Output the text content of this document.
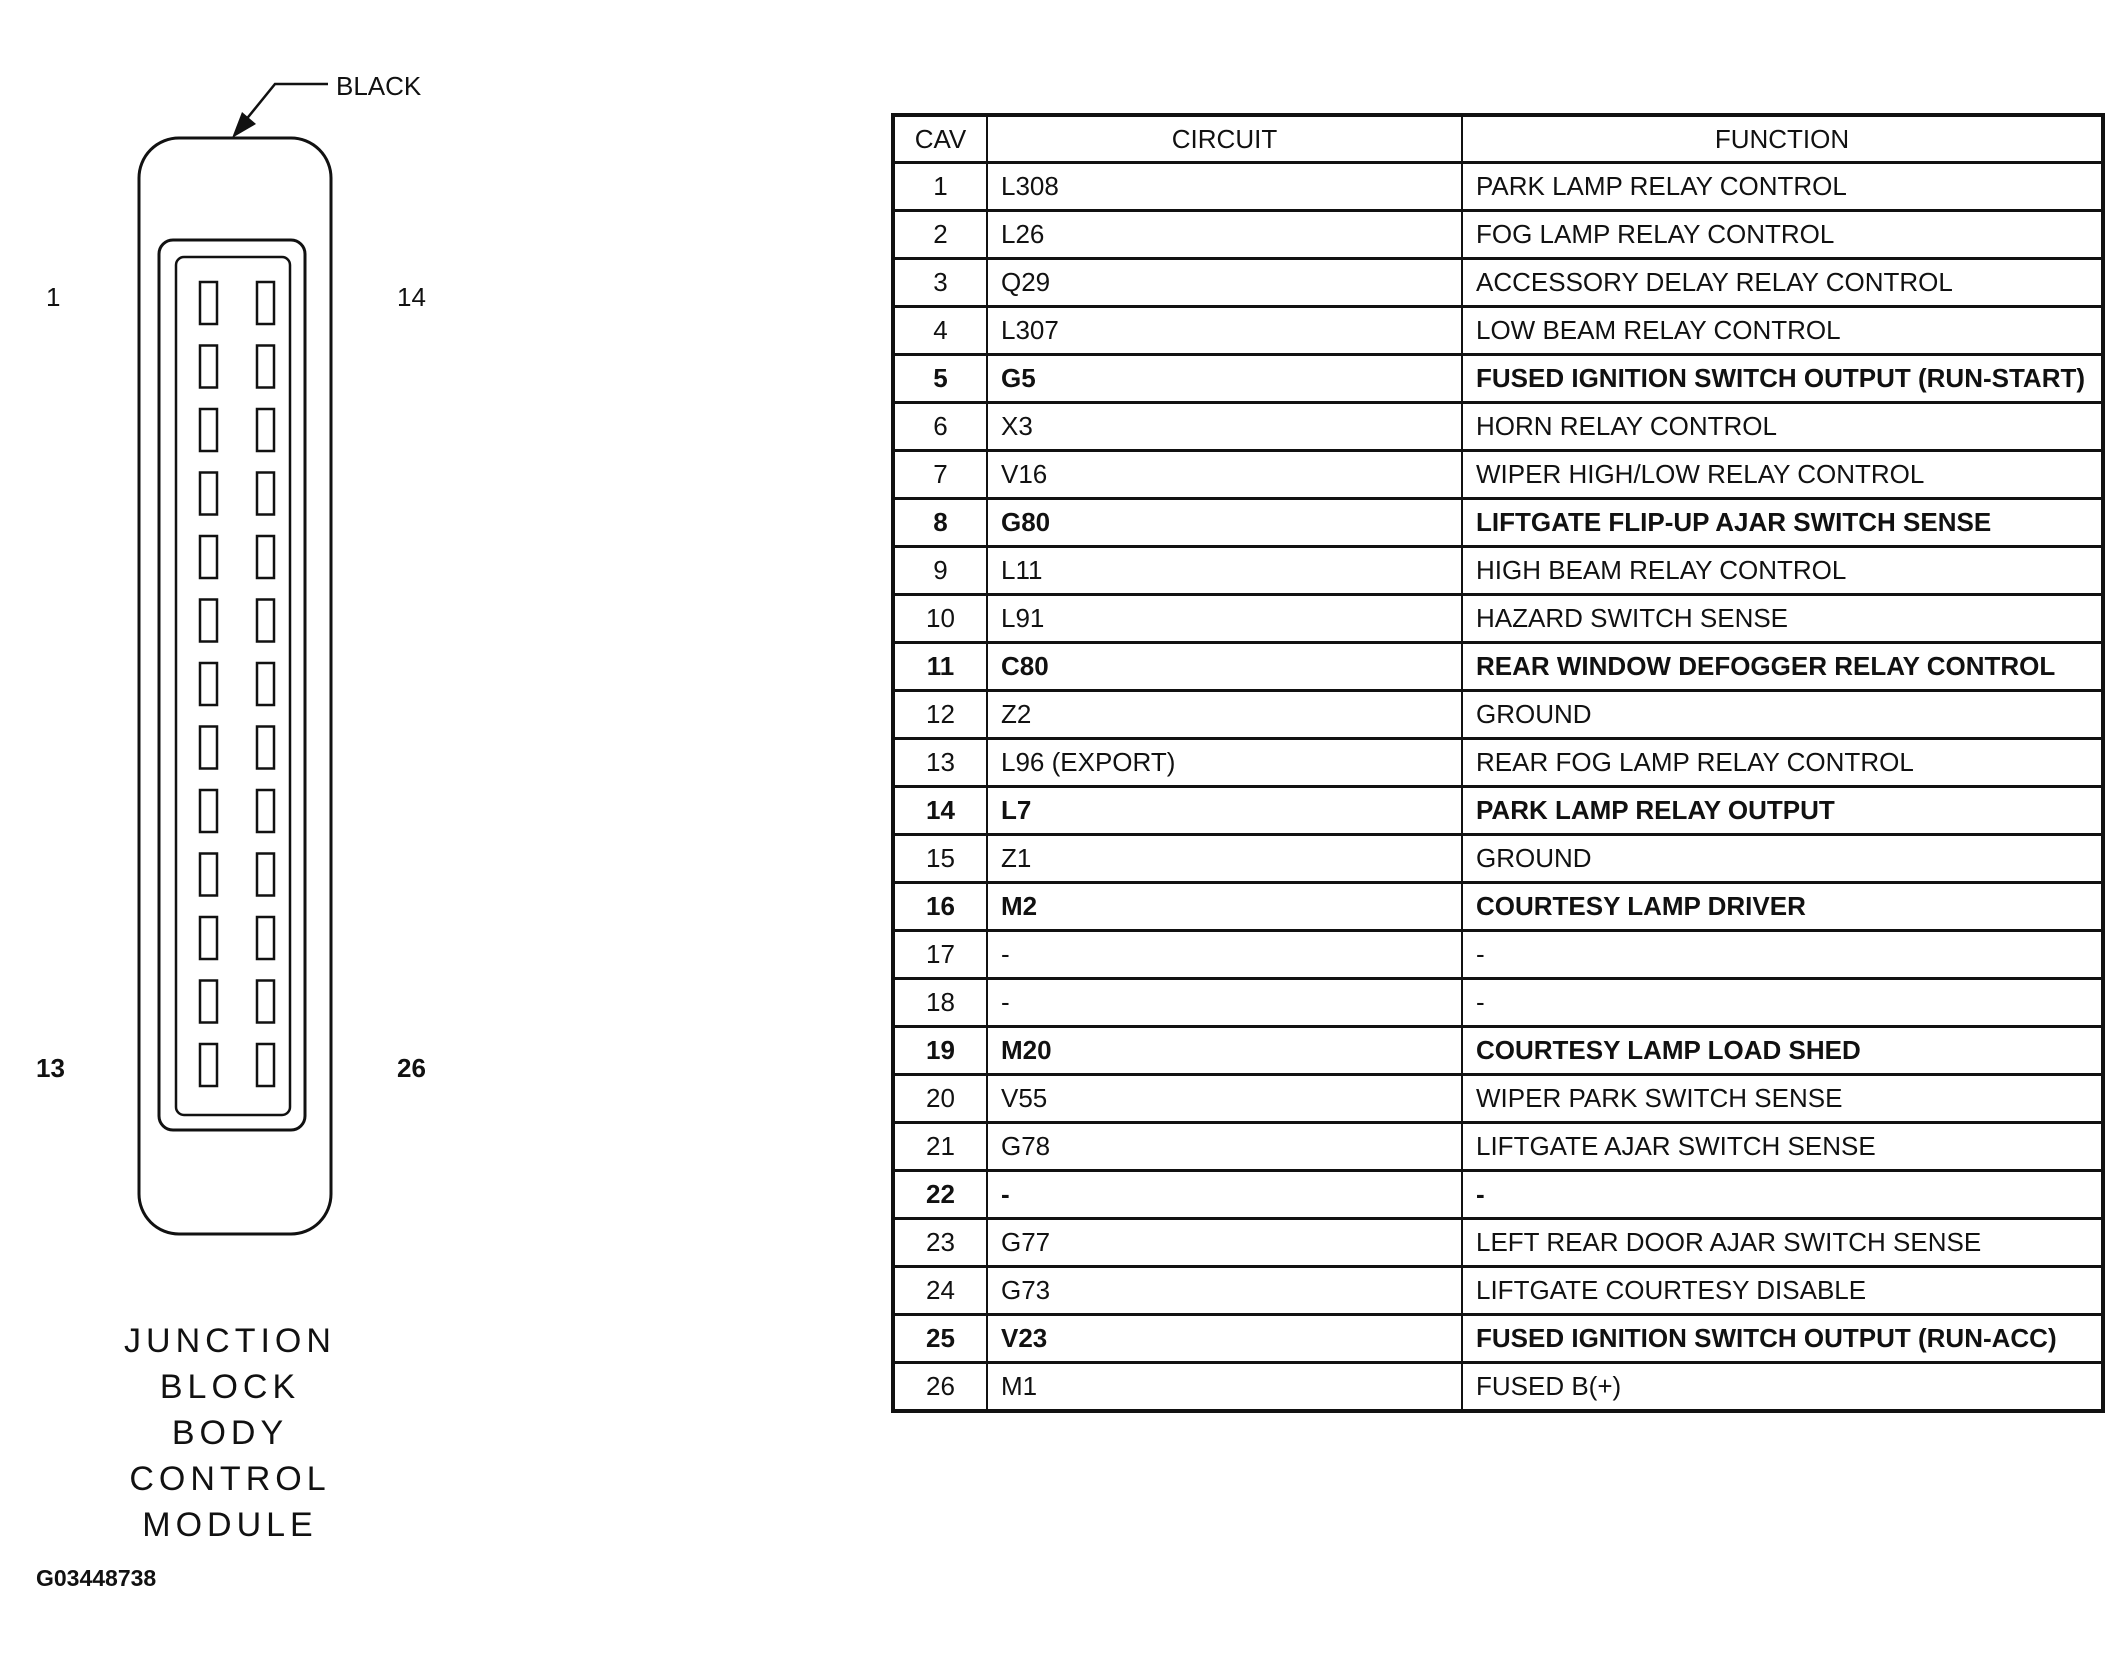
BLACK
1	14
13	26
JUNCTION
BLOCK
BODY
CONTROL
MODULE
G03448738
CAV	CIRCUIT	FUNCTION
1	L308	PARK LAMP RELAY CONTROL
2	L26	FOG LAMP RELAY CONTROL
3	Q29	ACCESSORY DELAY RELAY CONTROL
4	L307	LOW BEAM RELAY CONTROL
5	G5	FUSED IGNITION SWITCH OUTPUT (RUN-START)
6	X3	HORN RELAY CONTROL
7	V16	WIPER HIGH/LOW RELAY CONTROL
8	G80	LIFTGATE FLIP-UP AJAR SWITCH SENSE
9	L11	HIGH BEAM RELAY CONTROL
10	L91	HAZARD SWITCH SENSE
11	C80	REAR WINDOW DEFOGGER RELAY CONTROL
12	Z2	GROUND
13	L96 (EXPORT)	REAR FOG LAMP RELAY CONTROL
14	L7	PARK LAMP RELAY OUTPUT
15	Z1	GROUND
16	M2	COURTESY LAMP DRIVER
17	-	-
18	-	-
19	M20	COURTESY LAMP LOAD SHED
20	V55	WIPER PARK SWITCH SENSE
21	G78	LIFTGATE AJAR SWITCH SENSE
22	-	-
23	G77	LEFT REAR DOOR AJAR SWITCH SENSE
24	G73	LIFTGATE COURTESY DISABLE
25	V23	FUSED IGNITION SWITCH OUTPUT (RUN-ACC)
26	M1	FUSED B(+)
